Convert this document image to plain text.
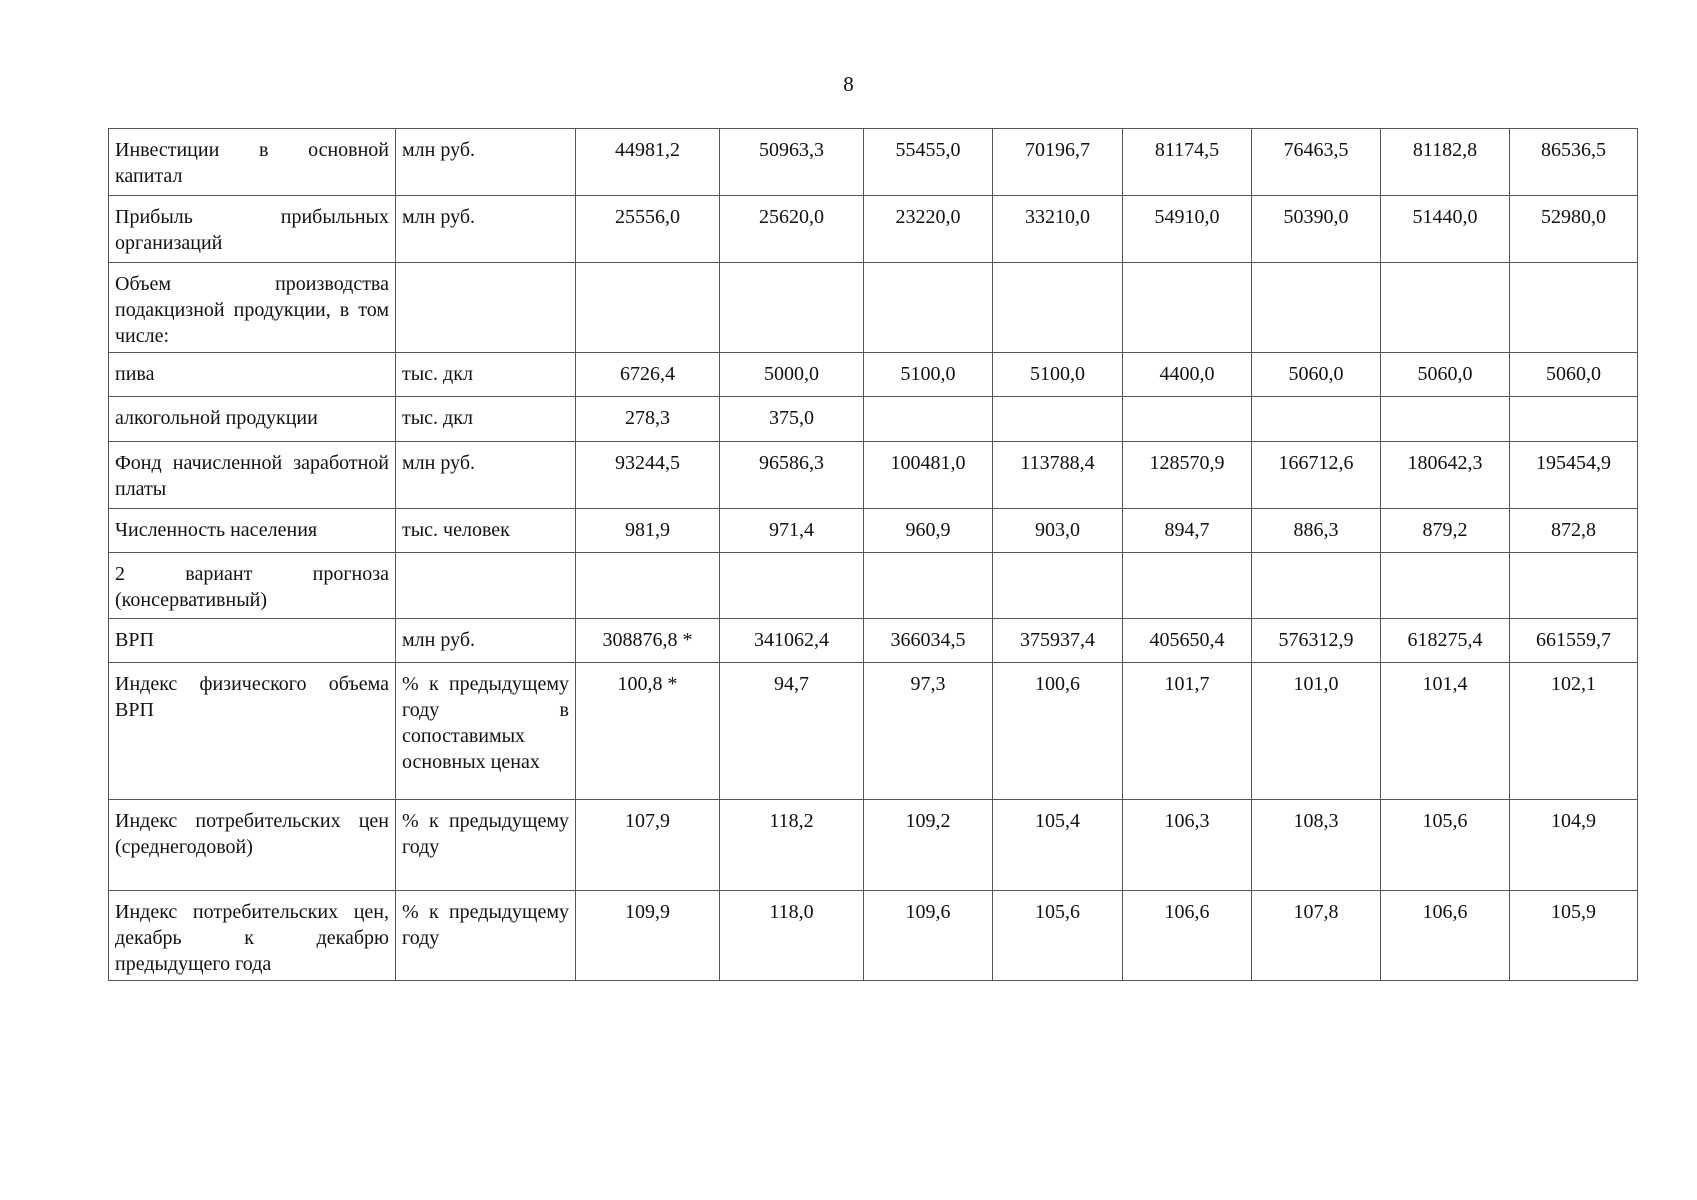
8
Инвестиции в основной капитал	млн руб.	44981,2	50963,3	55455,0	70196,7	81174,5	76463,5	81182,8	86536,5
Прибыль прибыльных организаций	млн руб.	25556,0	25620,0	23220,0	33210,0	54910,0	50390,0	51440,0	52980,0
Объем производства подакцизной продукции, в том числе:									
пива	тыс. дкл	6726,4	5000,0	5100,0	5100,0	4400,0	5060,0	5060,0	5060,0
алкогольной продукции	тыс. дкл	278,3	375,0						
Фонд начисленной заработной платы	млн руб.	93244,5	96586,3	100481,0	113788,4	128570,9	166712,6	180642,3	195454,9
Численность населения	тыс. человек	981,9	971,4	960,9	903,0	894,7	886,3	879,2	872,8
2 вариант прогноза (консервативный)									
ВРП	млн руб.	308876,8 *	341062,4	366034,5	375937,4	405650,4	576312,9	618275,4	661559,7
Индекс физического объема ВРП	% к предыдущему году в сопоставимых основных ценах	100,8 *	94,7	97,3	100,6	101,7	101,0	101,4	102,1
Индекс потребительских цен (среднегодовой)	% к предыдущему году	107,9	118,2	109,2	105,4	106,3	108,3	105,6	104,9
Индекс потребительских цен, декабрь к декабрю предыдущего года	% к предыдущему году	109,9	118,0	109,6	105,6	106,6	107,8	106,6	105,9
